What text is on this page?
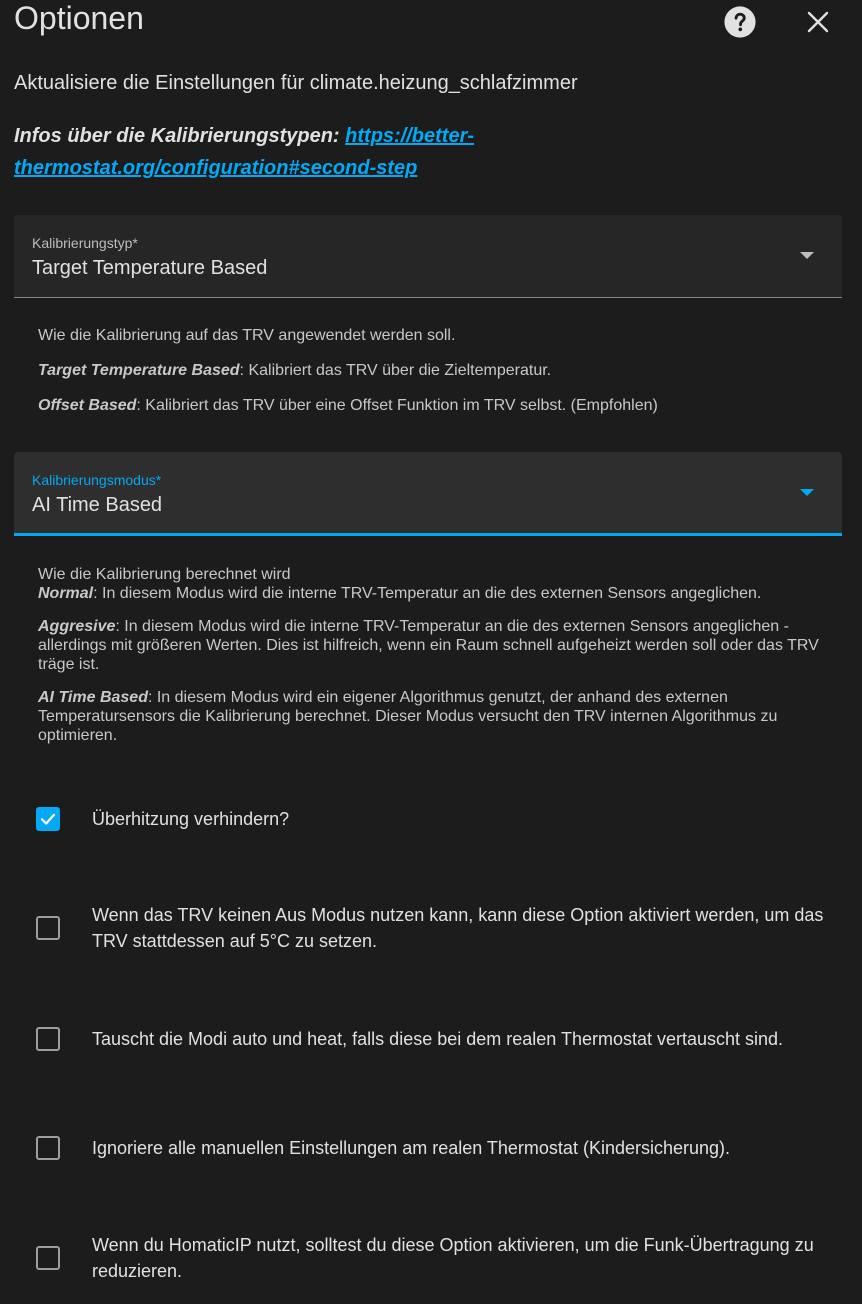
Optionen
Aktualisiere die Einstellungen für climate.heizung_schlafzimmer
Infos über die Kalibrierungstypen: https://better-thermostat.org/configuration#second-step
Kalibrierungstyp*
Target Temperature Based

Wie die Kalibrierung auf das TRV angewendet werden soll.

Target Temperature Based: Kalibriert das TRV über die Zieltemperatur.

Offset Based: Kalibriert das TRV über eine Offset Funktion im TRV selbst. (Empfohlen)

Kalibrierungsmodus*
AI Time Based

Wie die Kalibrierung berechnet wird

Normal: In diesem Modus wird die interne TRV-Temperatur an die des externen Sensors angeglichen.

Aggresive: In diesem Modus wird die interne TRV-Temperatur an die des externen Sensors angeglichen - allerdings mit größeren Werten. Dies ist hilfreich, wenn ein Raum schnell aufgeheizt werden soll oder das TRV träge ist.

AI Time Based: In diesem Modus wird ein eigener Algorithmus genutzt, der anhand des externen Temperatursensors die Kalibrierung berechnet. Dieser Modus versucht den TRV internen Algorithmus zu optimieren.

Überhitzung verhindern?
Wenn das TRV keinen Aus Modus nutzen kann, kann diese Option aktiviert werden, um das TRV stattdessen auf 5°C zu setzen.
Tauscht die Modi auto und heat, falls diese bei dem realen Thermostat vertauscht sind.
Ignoriere alle manuellen Einstellungen am realen Thermostat (Kindersicherung).
Wenn du HomaticIP nutzt, solltest du diese Option aktivieren, um die Funk-Übertragung zu reduzieren.
